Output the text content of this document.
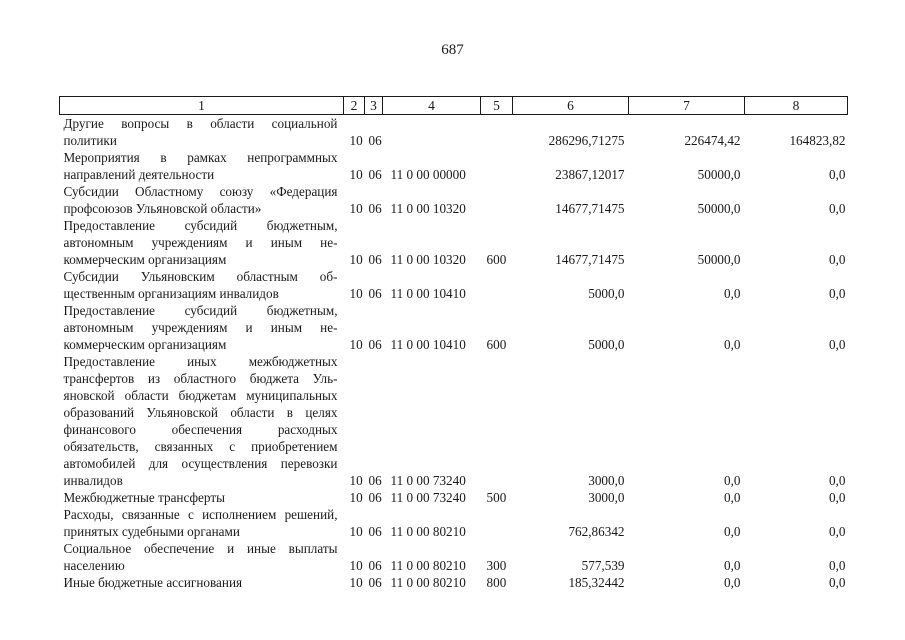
687
1	2	3	4	5	6	7	8
Другие вопросы в области социальной политики	10	06			286296,71275	226474,42	164823,82
Мероприятия в рамках непрограммных направлений деятельности	10	06	11 0 00 00000		23867,12017	50000,0	0,0
Субсидии Областному союзу «Федерация профсоюзов Ульяновской области»	10	06	11 0 00 10320		14677,71475	50000,0	0,0
Предоставление субсидий бюджетным, автономным учреждениям и иным некоммерческим организациям	10	06	11 0 00 10320	600	14677,71475	50000,0	0,0
Субсидии Ульяновским областным общественным организациям инвалидов	10	06	11 0 00 10410		5000,0	0,0	0,0
Предоставление субсидий бюджетным, автономным учреждениям и иным некоммерческим организациям	10	06	11 0 00 10410	600	5000,0	0,0	0,0
Предоставление иных межбюджетных трансфертов из областного бюджета Ульяновской области бюджетам муниципальных образований Ульяновской области в целях финансового обеспечения расходных обязательств, связанных с приобретением автомобилей для осуществления перевозки инвалидов	10	06	11 0 00 73240		3000,0	0,0	0,0
Межбюджетные трансферты	10	06	11 0 00 73240	500	3000,0	0,0	0,0
Расходы, связанные с исполнением решений, принятых судебными органами	10	06	11 0 00 80210		762,86342	0,0	0,0
Социальное обеспечение и иные выплаты населению	10	06	11 0 00 80210	300	577,539	0,0	0,0
Иные бюджетные ассигнования	10	06	11 0 00 80210	800	185,32442	0,0	0,0
